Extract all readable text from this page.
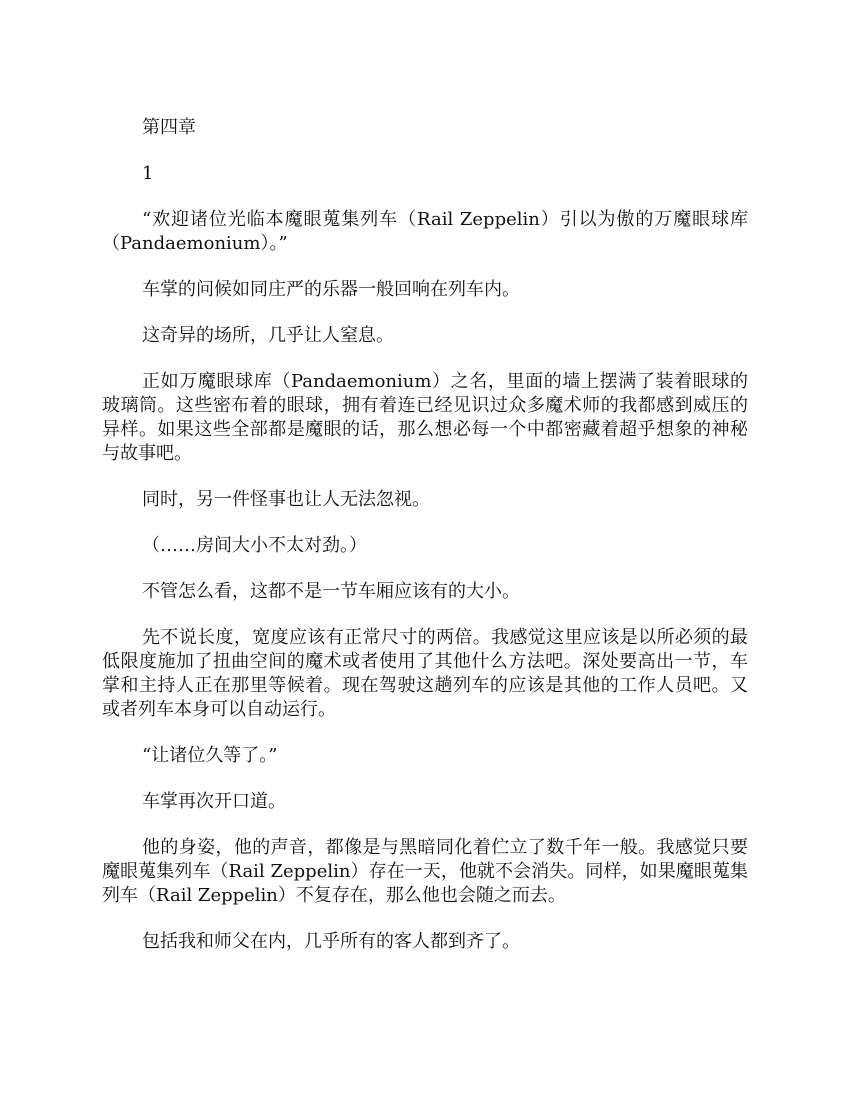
第四章

1

“欢迎诸位光临本魔眼蒐集列车（Rail Zeppelin）引以为傲的万魔眼球库（Pandaemonium）。”

车掌的问候如同庄严的乐器一般回响在列车内。

这奇异的场所，几乎让人窒息。

正如万魔眼球库（Pandaemonium）之名，里面的墙上摆满了装着眼球的玻璃筒。这些密布着的眼球，拥有着连已经见识过众多魔术师的我都感到威压的异样。如果这些全部都是魔眼的话，那么想必每一个中都密藏着超乎想象的神秘与故事吧。

同时，另一件怪事也让人无法忽视。

（……房间大小不太对劲。）

不管怎么看，这都不是一节车厢应该有的大小。

先不说长度，宽度应该有正常尺寸的两倍。我感觉这里应该是以所必须的最低限度施加了扭曲空间的魔术或者使用了其他什么方法吧。深处要高出一节，车掌和主持人正在那里等候着。现在驾驶这趟列车的应该是其他的工作人员吧。又或者列车本身可以自动运行。

“让诸位久等了。”

车掌再次开口道。

他的身姿，他的声音，都像是与黑暗同化着伫立了数千年一般。我感觉只要魔眼蒐集列车（Rail Zeppelin）存在一天，他就不会消失。同样，如果魔眼蒐集列车（Rail Zeppelin）不复存在，那么他也会随之而去。

包括我和师父在内，几乎所有的客人都到齐了。
